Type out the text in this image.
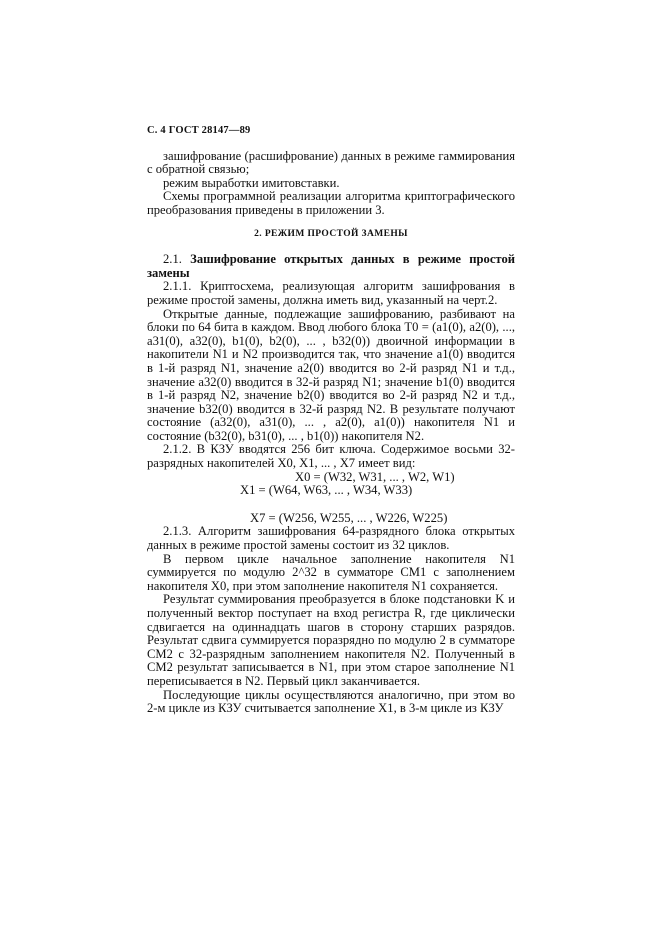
С. 4 ГОСТ 28147—89

зашифрование (расшифрование) данных в режиме гаммирования с обратной связью;

режим выработки имитовставки.

Схемы программной реализации алгоритма криптографического преобразования приведены в приложении 3.

2. РЕЖИМ ПРОСТОЙ ЗАМЕНЫ

2.1. Зашифрование открытых данных в режиме простой замены

2.1.1. Криптосхема, реализующая алгоритм зашифрования в режиме простой замены, должна иметь вид, указанный на черт.2.

Открытые данные, подлежащие зашифрованию, разбивают на блоки по 64 бита в каждом. Ввод любого блока T0 = (a1(0), a2(0), ..., a31(0), a32(0), b1(0), b2(0), ... , b32(0)) двоичной информации в накопители N1 и N2 производится так, что значение a1(0) вводится в 1-й разряд N1, значение a2(0) вводится во 2-й разряд N1 и т.д., значение a32(0) вводится в 32-й разряд N1; значение b1(0) вводится в 1-й разряд N2, значение b2(0) вводится во 2-й разряд N2 и т.д., значение b32(0) вводится в 32-й разряд N2. В результате получают состояние (a32(0), a31(0), ... , a2(0), a1(0)) накопителя N1 и состояние (b32(0), b31(0), ... , b1(0)) накопителя N2.

2.1.2. В КЗУ вводятся 256 бит ключа. Содержимое восьми 32-разрядных накопителей X0, X1, ... , X7 имеет вид:

X0 = (W32, W31, ... , W2, W1)

X1 = (W64, W63, ... , W34, W33)

X7 = (W256, W255, ... , W226, W225)

2.1.3. Алгоритм зашифрования 64-разрядного блока открытых данных в режиме простой замены состоит из 32 циклов.

В первом цикле начальное заполнение накопителя N1 суммируется по модулю 2^32 в сумматоре CM1 с заполнением накопителя X0, при этом заполнение накопителя N1 сохраняется.

Результат суммирования преобразуется в блоке подстановки K и полученный вектор поступает на вход регистра R, где циклически сдвигается на одиннадцать шагов в сторону старших разрядов. Результат сдвига суммируется поразрядно по модулю 2 в сумматоре CM2 с 32-разрядным заполнением накопителя N2. Полученный в CM2 результат записывается в N1, при этом старое заполнение N1 переписывается в N2. Первый цикл заканчивается.

Последующие циклы осуществляются аналогично, при этом во 2-м цикле из КЗУ считывается заполнение X1, в 3-м цикле из КЗУ
